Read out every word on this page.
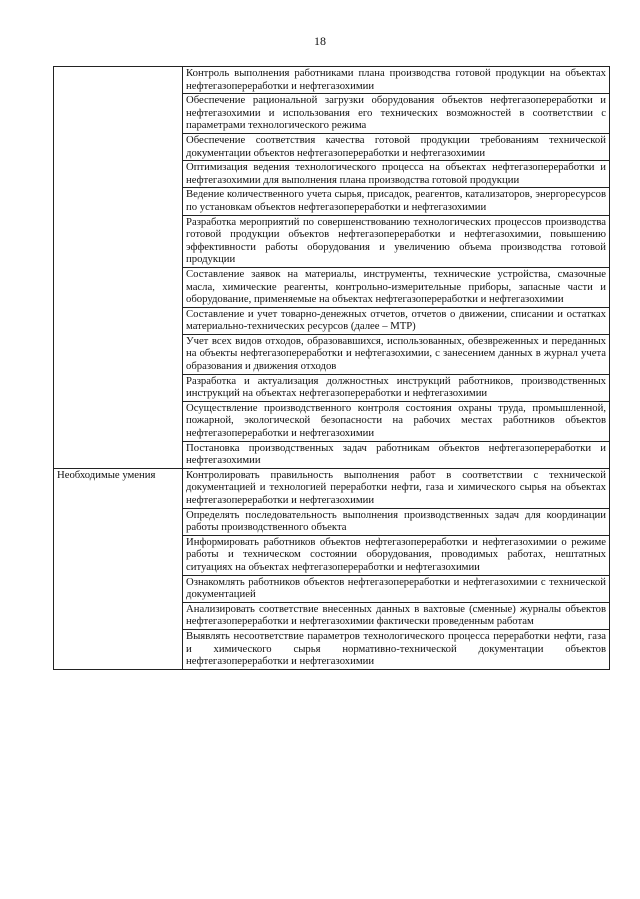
18
	Контроль выполнения работниками плана производства готовой продукции на объектах нефтегазопереработки и нефтегазохимии
	Обеспечение рациональной загрузки оборудования объектов нефтегазопереработки и нефтегазохимии и использования его технических возможностей в соответствии с параметрами технологического режима
	Обеспечение соответствия качества готовой продукции требованиям технической документации объектов нефтегазопереработки и нефтегазохимии
	Оптимизация ведения технологического процесса на объектах нефтегазопереработки и нефтегазохимии для выполнения плана производства готовой продукции
	Ведение количественного учета сырья, присадок, реагентов, катализаторов, энергоресурсов по установкам объектов нефтегазопереработки и нефтегазохимии
	Разработка мероприятий по совершенствованию технологических процессов производства готовой продукции объектов нефтегазопереработки и нефтегазохимии, повышению эффективности работы оборудования и увеличению объема производства готовой продукции
	Составление заявок на материалы, инструменты, технические устройства, смазочные масла, химические реагенты, контрольно-измерительные приборы, запасные части и оборудование, применяемые на объектах нефтегазопереработки и нефтегазохимии
	Составление и учет товарно-денежных отчетов, отчетов о движении, списании и остатках материально-технических ресурсов (далее – МТР)
	Учет всех видов отходов, образовавшихся, использованных, обезвреженных и переданных на объекты нефтегазопереработки и нефтегазохимии, с занесением данных в журнал учета образования и движения отходов
	Разработка и актуализация должностных инструкций работников, производственных инструкций на объектах нефтегазопереработки и нефтегазохимии
	Осуществление производственного контроля состояния охраны труда, промышленной, пожарной, экологической безопасности на рабочих местах работников объектов нефтегазопереработки и нефтегазохимии
	Постановка производственных задач работникам объектов нефтегазопереработки и нефтегазохимии
Необходимые умения	Контролировать правильность выполнения работ в соответствии с технической документацией и технологией переработки нефти, газа и химического сырья на объектах нефтегазопереработки и нефтегазохимии
	Определять последовательность выполнения производственных задач для координации работы производственного объекта
	Информировать работников объектов нефтегазопереработки и нефтегазохимии о режиме работы и техническом состоянии оборудования, проводимых работах, нештатных ситуациях на объектах нефтегазопереработки и нефтегазохимии
	Ознакомлять работников объектов нефтегазопереработки и нефтегазохимии с технической документацией
	Анализировать соответствие внесенных данных в вахтовые (сменные) журналы объектов нефтегазопереработки и нефтегазохимии фактически проведенным работам
	Выявлять несоответствие параметров технологического процесса переработки нефти, газа и химического сырья нормативно-технической документации объектов нефтегазопереработки и нефтегазохимии
